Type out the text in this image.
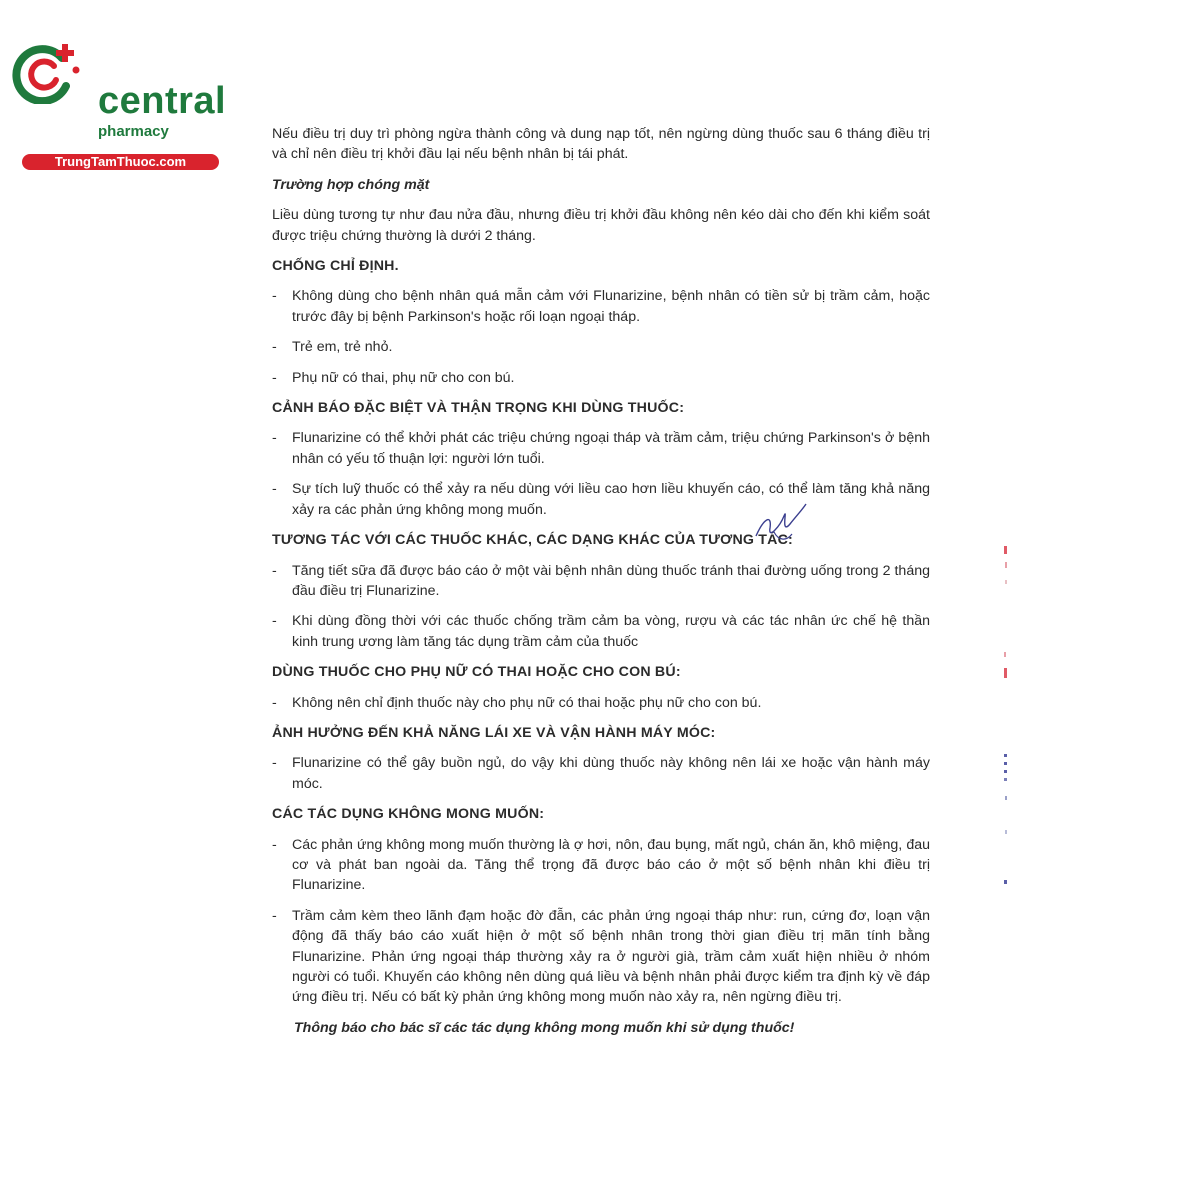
central
pharmacy
TrungTamThuoc.com

Nếu điều trị duy trì phòng ngừa thành công và dung nạp tốt, nên ngừng dùng thuốc sau 6 tháng điều trị và chỉ nên điều trị khởi đầu lại nếu bệnh nhân bị tái phát.

Trường hợp chóng mặt

Liều dùng tương tự như đau nửa đầu, nhưng điều trị khởi đầu không nên kéo dài cho đến khi kiểm soát được triệu chứng thường là dưới 2 tháng.

CHỐNG CHỈ ĐỊNH.

- Không dùng cho bệnh nhân quá mẫn cảm với Flunarizine, bệnh nhân có tiền sử bị trầm cảm, hoặc trước đây bị bệnh Parkinson's hoặc rối loạn ngoại tháp.
- Trẻ em, trẻ nhỏ.
- Phụ nữ có thai, phụ nữ cho con bú.

CẢNH BÁO ĐẶC BIỆT VÀ THẬN TRỌNG KHI DÙNG THUỐC:

- Flunarizine có thể khởi phát các triệu chứng ngoại tháp và trầm cảm, triệu chứng Parkinson's ở bệnh nhân có yếu tố thuận lợi: người lớn tuổi.
- Sự tích luỹ thuốc có thể xảy ra nếu dùng với liều cao hơn liều khuyến cáo, có thể làm tăng khả năng xảy ra các phản ứng không mong muốn.

TƯƠNG TÁC VỚI CÁC THUỐC KHÁC, CÁC DẠNG KHÁC CỦA TƯƠNG TÁC:

- Tăng tiết sữa đã được báo cáo ở một vài bệnh nhân dùng thuốc tránh thai đường uống trong 2 tháng đầu điều trị Flunarizine.
- Khi dùng đồng thời với các thuốc chống trầm cảm ba vòng, rượu và các tác nhân ức chế hệ thần kinh trung ương làm tăng tác dụng trầm cảm của thuốc

DÙNG THUỐC CHO PHỤ NỮ CÓ THAI HOẶC CHO CON BÚ:

- Không nên chỉ định thuốc này cho phụ nữ có thai hoặc phụ nữ cho con bú.

ẢNH HƯỞNG ĐẾN KHẢ NĂNG LÁI XE VÀ VẬN HÀNH MÁY MÓC:

- Flunarizine có thể gây buồn ngủ, do vậy khi dùng thuốc này không nên lái xe hoặc vận hành máy móc.

CÁC TÁC DỤNG KHÔNG MONG MUỐN:

- Các phản ứng không mong muốn thường là ợ hơi, nôn, đau bụng, mất ngủ, chán ăn, khô miệng, đau cơ và phát ban ngoài da. Tăng thể trọng đã được báo cáo ở một số bệnh nhân khi điều trị Flunarizine.
- Trầm cảm kèm theo lãnh đạm hoặc đờ đẫn, các phản ứng ngoại tháp như: run, cứng đơ, loạn vận động đã thấy báo cáo xuất hiện ở một số bệnh nhân trong thời gian điều trị mãn tính bằng Flunarizine. Phản ứng ngoại tháp thường xảy ra ở người già, trầm cảm xuất hiện nhiều ở nhóm người có tuổi. Khuyến cáo không nên dùng quá liều và bệnh nhân phải được kiểm tra định kỳ về đáp ứng điều trị. Nếu có bất kỳ phản ứng không mong muốn nào xảy ra, nên ngừng điều trị.

Thông báo cho bác sĩ các tác dụng không mong muốn khi sử dụng thuốc!
